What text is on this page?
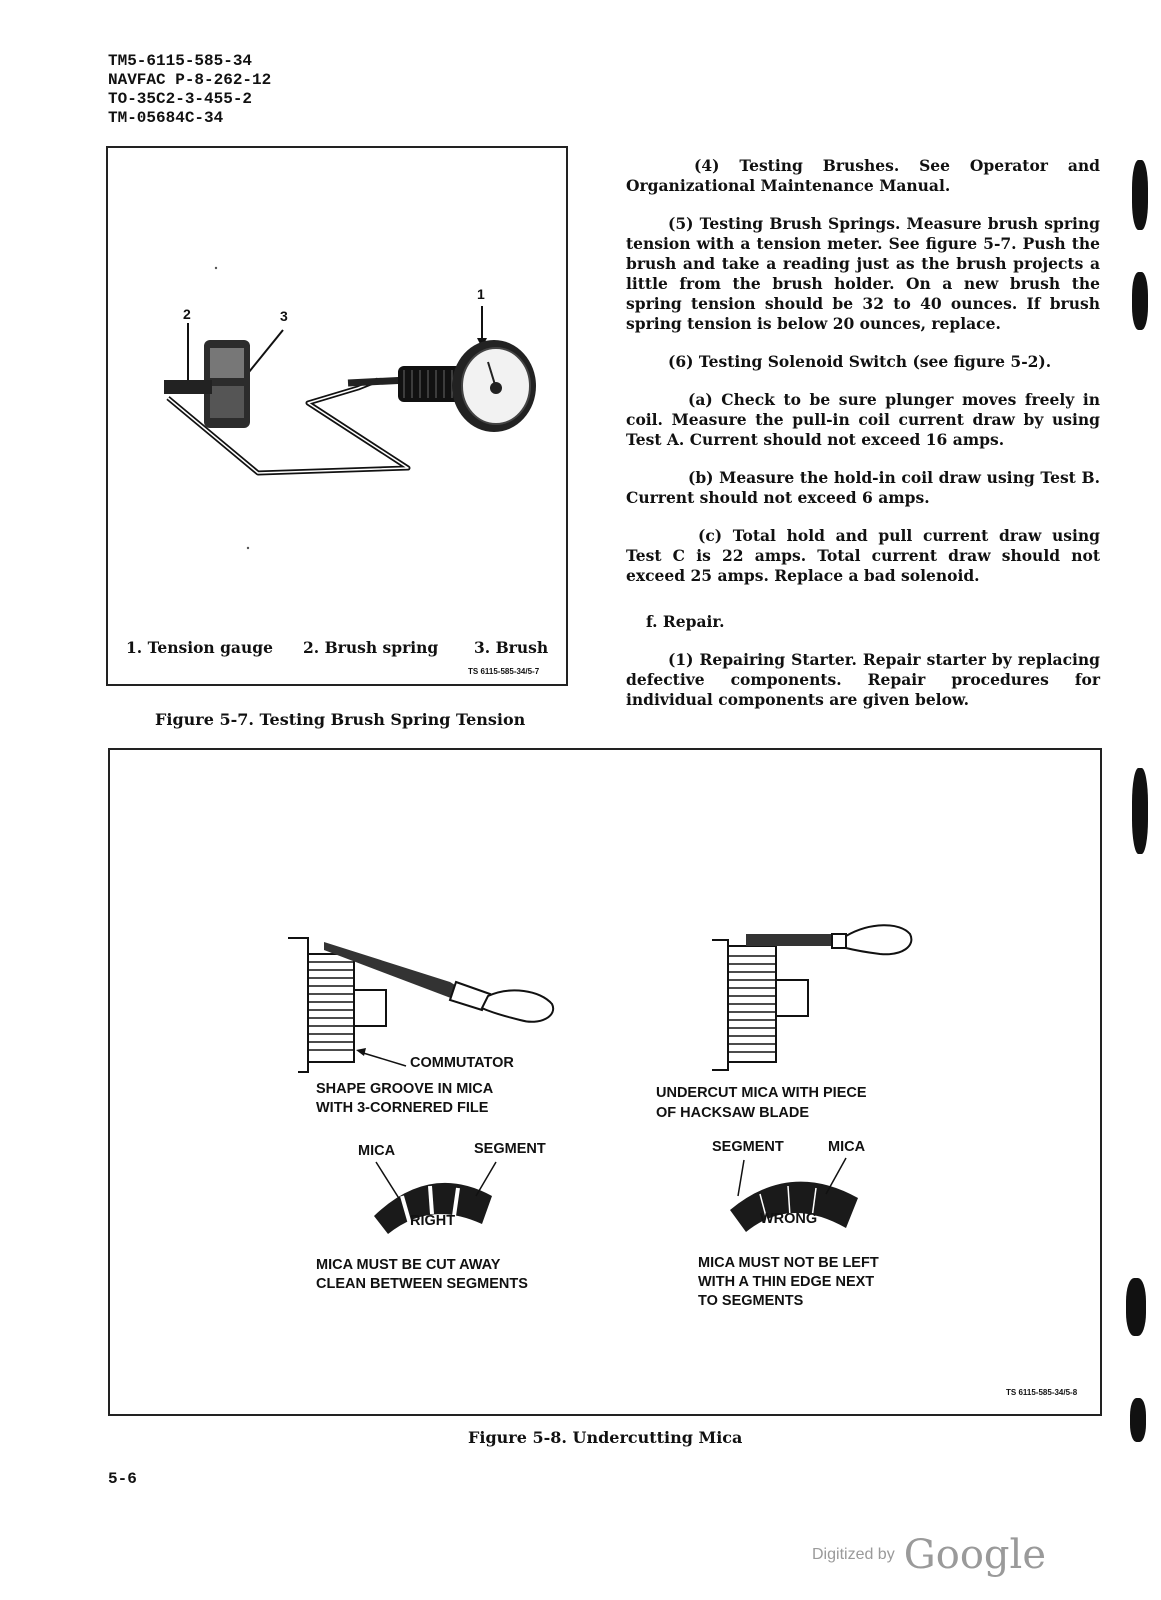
TM5-6115-585-34
NAVFAC P-8-262-12
TO-35C2-3-455-2
TM-05684C-34
1
2	3
1. Tension gauge 2. Brush spring 3. Brush
TS 6115-585-34/5-7
Figure 5-7. Testing Brush Spring Tension

(4) Testing Brushes. See Operator and Organizational Maintenance Manual.

(5) Testing Brush Springs. Measure brush spring tension with a tension meter. See figure 5-7. Push the brush and take a reading just as the brush projects a little from the brush holder. On a new brush the spring tension should be 32 to 40 ounces. If brush spring tension is below 20 ounces, replace.

(6) Testing Solenoid Switch (see figure 5-2).

(a) Check to be sure plunger moves freely in coil. Measure the pull-in coil current draw by using Test A. Current should not exceed 16 amps.

(b) Measure the hold-in coil draw using Test B. Current should not exceed 6 amps.

(c) Total hold and pull current draw using Test C is 22 amps. Total current draw should not exceed 25 amps. Replace a bad solenoid.

f. Repair.

(1) Repairing Starter. Repair starter by replacing defective components. Repair procedures for individual components are given below.

COMMUTATOR
SHAPE GROOVE IN MICA
WITH 3-CORNERED FILE
UNDERCUT MICA WITH PIECE
OF HACKSAW BLADE
MICA	SEGMENT
RIGHT
SEGMENT	MICA
WRONG
MICA MUST BE CUT AWAY
CLEAN BETWEEN SEGMENTS
MICA MUST NOT BE LEFT
WITH A THIN EDGE NEXT
TO SEGMENTS
TS 6115-585-34/5-8
Figure 5-8. Undercutting Mica
5-6
Digitized by Google
